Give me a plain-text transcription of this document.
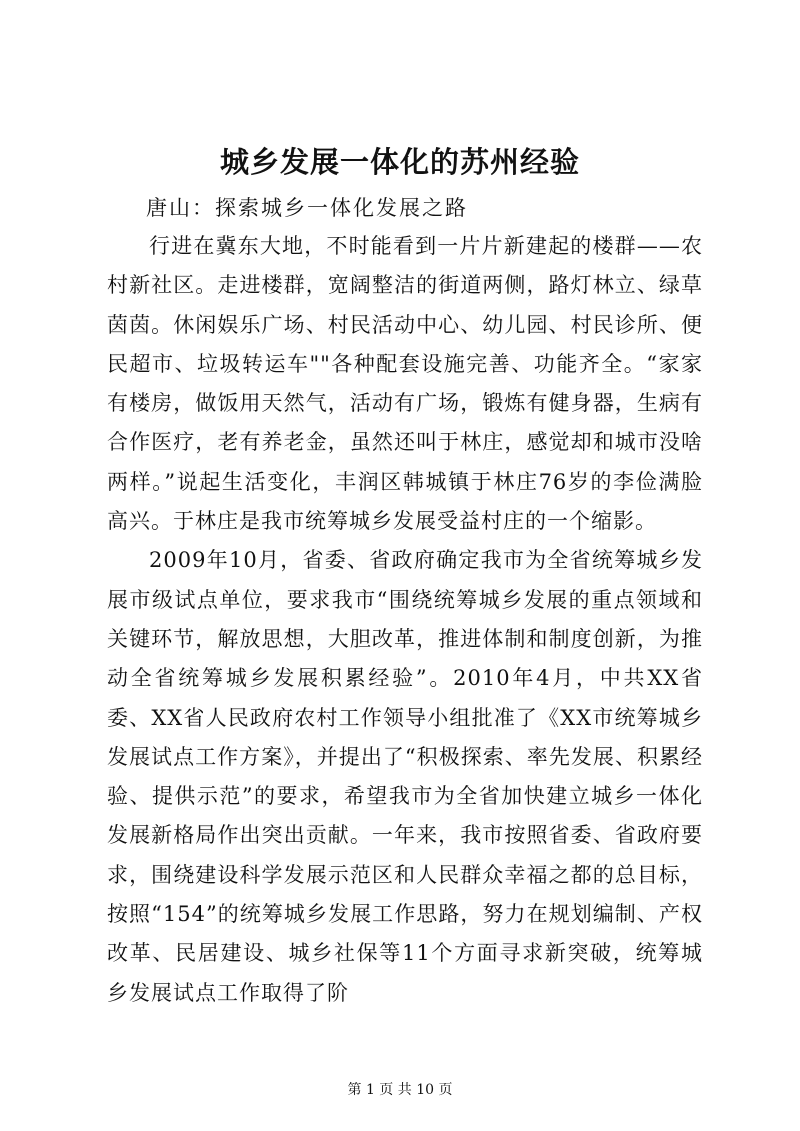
城乡发展一体化的苏州经验
唐山：探索城乡一体化发展之路

行进在冀东大地，不时能看到一片片新建起的楼群——农村新社区。走进楼群，宽阔整洁的街道两侧，路灯林立、绿草茵茵。休闲娱乐广场、村民活动中心、幼儿园、村民诊所、便民超市、垃圾转运车""各种配套设施完善、功能齐全。“家家有楼房，做饭用天然气，活动有广场，锻炼有健身器，生病有合作医疗，老有养老金，虽然还叫于林庄，感觉却和城市没啥两样。”说起生活变化，丰润区韩城镇于林庄76岁的李俭满脸高兴。于林庄是我市统筹城乡发展受益村庄的一个缩影。

2009年10月，省委、省政府确定我市为全省统筹城乡发展市级试点单位，要求我市“围绕统筹城乡发展的重点领域和关键环节，解放思想，大胆改革，推进体制和制度创新，为推动全省统筹城乡发展积累经验”。2010年4月，中共XX省委、XX省人民政府农村工作领导小组批准了《XX市统筹城乡发展试点工作方案》，并提出了“积极探索、率先发展、积累经验、提供示范”的要求，希望我市为全省加快建立城乡一体化发展新格局作出突出贡献。一年来，我市按照省委、省政府要求，围绕建设科学发展示范区和人民群众幸福之都的总目标，按照“154”的统筹城乡发展工作思路，努力在规划编制、产权改革、民居建设、城乡社保等11个方面寻求新突破，统筹城乡发展试点工作取得了阶

第 1 页 共 10 页
